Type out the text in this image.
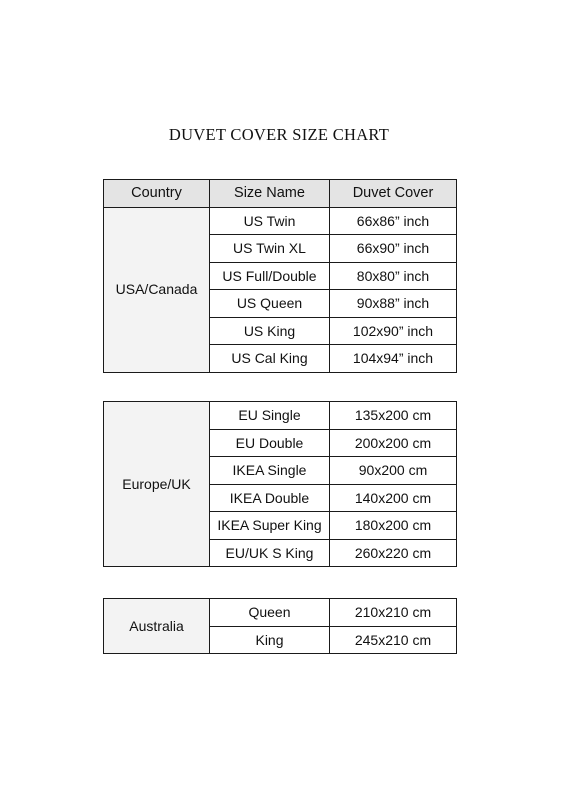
DUVET COVER SIZE CHART
Country	Size Name	Duvet Cover
USA/Canada	US Twin	66x86” inch
	US Twin XL	66x90” inch
	US Full/Double	80x80” inch
	US Queen	90x88” inch
	US King	102x90” inch
	US Cal King	104x94” inch
Europe/UK	EU Single	135x200 cm
	EU Double	200x200 cm
	IKEA Single	90x200 cm
	IKEA Double	140x200 cm
	IKEA Super King	180x200 cm
	EU/UK S King	260x220 cm
Australia	Queen	210x210 cm
	King	245x210 cm
